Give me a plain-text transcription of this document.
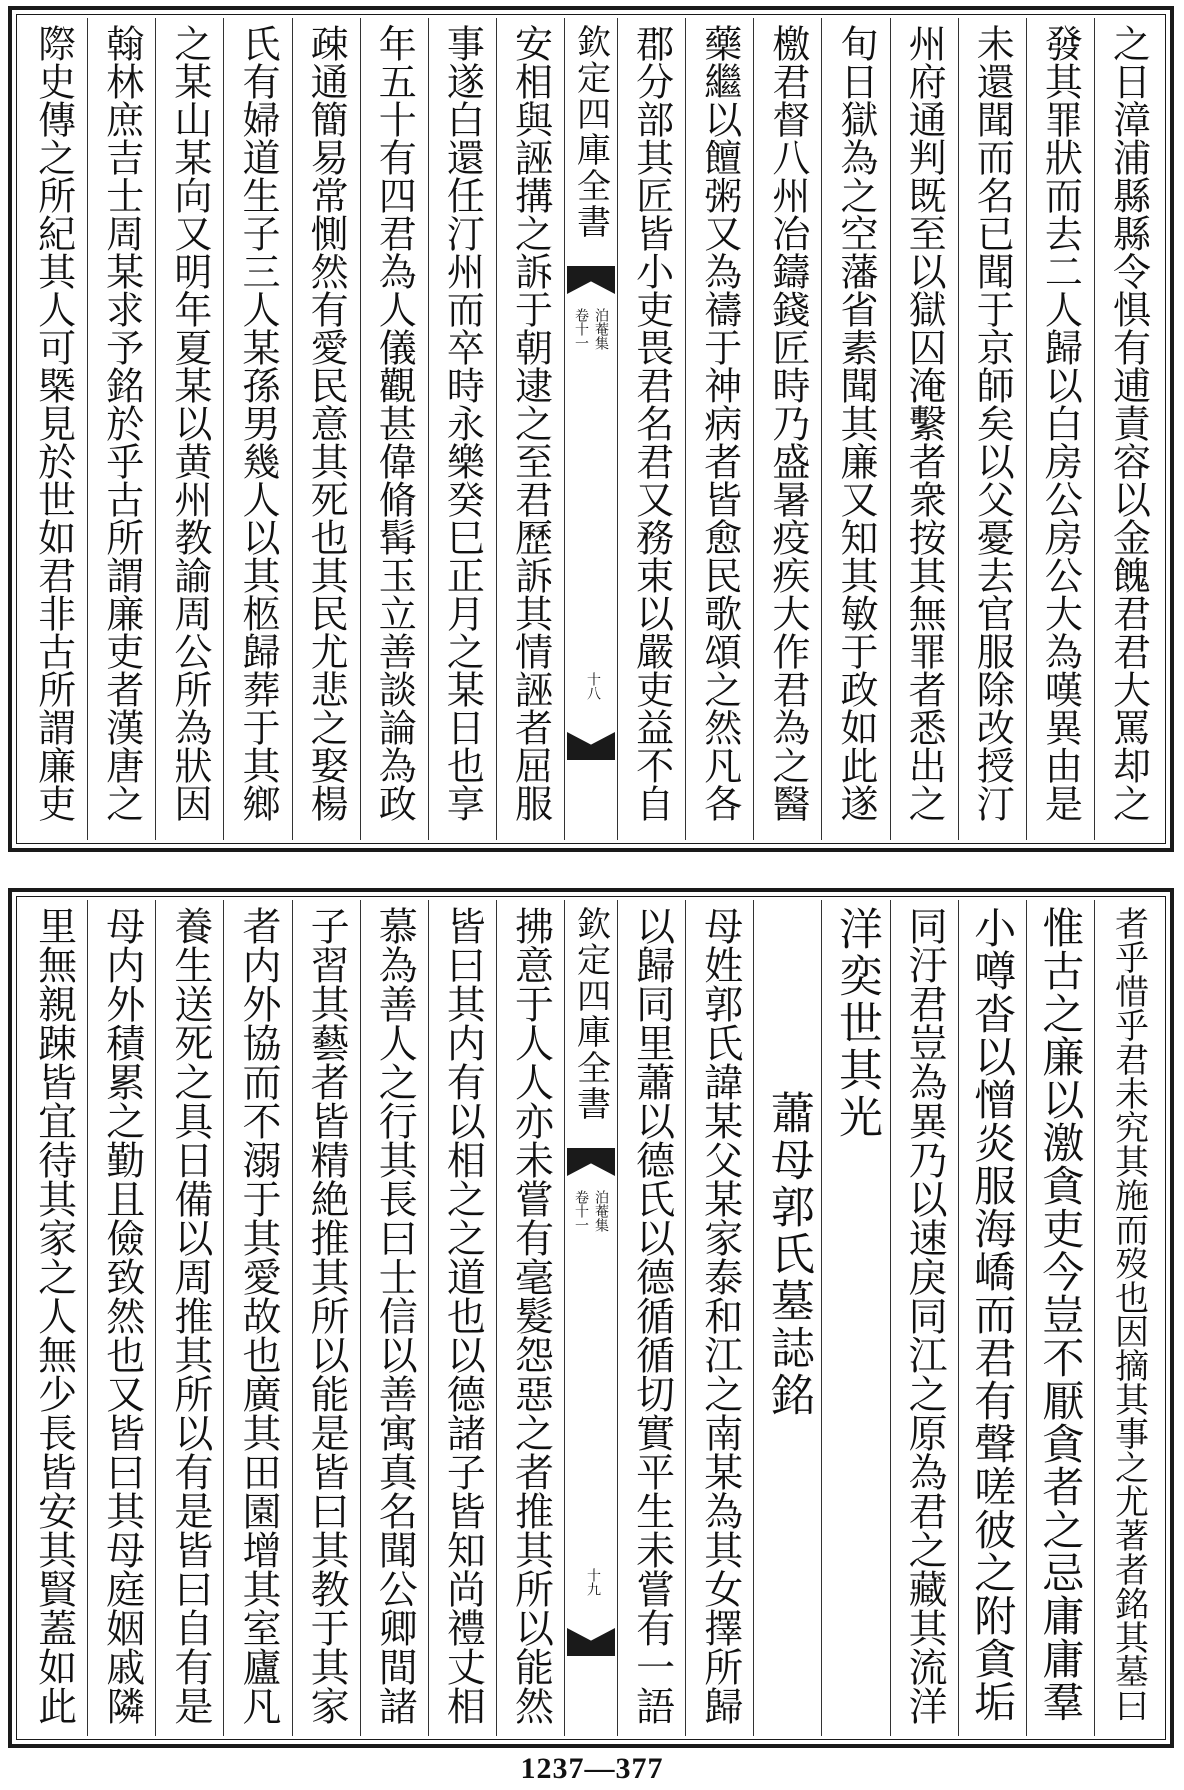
之日漳浦縣縣令惧有逋責容以金餽君君大罵却之
發其罪狀而去二人歸以白房公房公大為嘆異由是
未還聞而名已聞于京師矣以父憂去官服除改授汀
州府通判既至以獄囚淹繫者衆按其無罪者悉出之
旬日獄為之空藩省素聞其廉又知其敏于政如此遂
檄君督八州冶鑄錢匠時乃盛暑疫疾大作君為之醫
藥繼以饘粥又為禱于神病者皆愈民歌頌之然凡各
郡分部其匠皆小吏畏君名君又務束以嚴吏益不自
欽定四庫全書
泊菴集
卷十一
十八
安相與誣搆之訴于朝逮之至君歷訴其情誣者屈服
事遂白還任汀州而卒時永樂癸巳正月之某日也享
年五十有四君為人儀觀甚偉脩髯玉立善談論為政
疎通簡易常惻然有愛民意其死也其民尤悲之娶楊
氏有婦道生子三人某孫男幾人以其柩歸葬于其鄉
之某山某向又明年夏某以黄州教諭周公所為狀因
翰林庶吉士周某求予銘於乎古所謂廉吏者漢唐之
際史傳之所紀其人可槩見於世如君非古所謂廉吏
者乎惜乎君未究其施而歿也因摘其事之尤著者銘其墓曰
惟古之廉以激貪吏今豈不厭貪者之忌庸庸羣
小噂沓以憎炎服海嶠而君有聲嗟彼之附貪垢
同汙君豈為異乃以速戾同江之原為君之藏其流洋
洋奕世其光
蕭母郭氏墓誌銘
母姓郭氏諱某父某家泰和江之南某為其女擇所歸
以歸同里蕭以德氏以德循循切實平生未嘗有一語
欽定四庫全書
泊菴集
卷十一
十九
拂意于人人亦未嘗有毫髮怨惡之者推其所以能然
皆曰其内有以相之之道也以德諸子皆知尚禮丈相
慕為善人之行其長曰士信以善寓真名聞公卿間諸
子習其藝者皆精絶推其所以能是皆曰其教于其家
者内外協而不溺于其愛故也廣其田園增其室廬凡
養生送死之具日備以周推其所以有是皆曰自有是
母内外積累之勤且儉致然也又皆曰其母庭姻戚隣
里無親踈皆宜待其家之人無少長皆安其賢蓋如此
1237—377
